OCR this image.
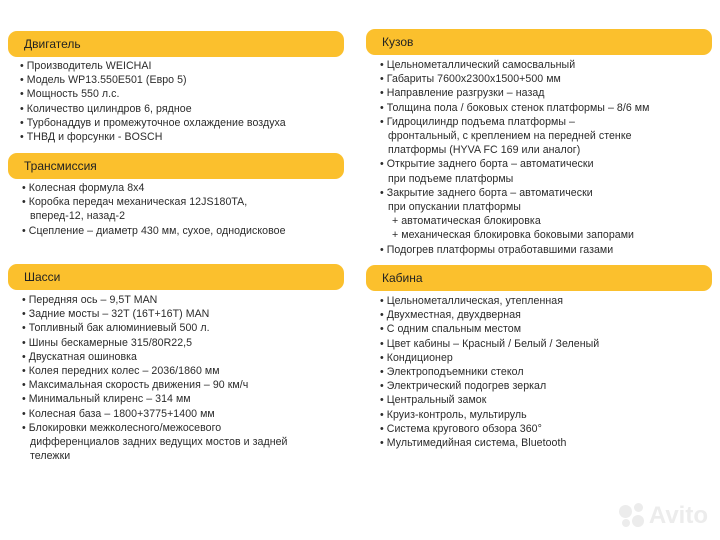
Двигатель
• Производитель WEICHAI
• Модель WP13.550E501 (Евро 5)
• Мощность 550 л.с.
• Количество цилиндров 6, рядное
• Турбонаддув и промежуточное охлаждение воздуха
• ТНВД и форсунки - BOSCH
Трансмиссия
• Колесная формула 8х4
• Коробка передач механическая 12JS180TA,
вперед-12, назад-2
• Сцепление – диаметр 430 мм, сухое, однодисковое
Шасси
• Передняя ось – 9,5T MAN
• Задние мосты – 32T (16T+16T) MAN
• Топливный бак алюминиевый 500 л.
• Шины бескамерные 315/80R22,5
• Двускатная ошиновка
• Колея передних колес – 2036/1860 мм
• Максимальная скорость движения – 90 км/ч
• Минимальный клиренс – 314 мм
• Колесная база – 1800+3775+1400 мм
• Блокировки межколесного/межосевого
дифференциалов задних ведущих мостов и задней
тележки
Кузов
• Цельнометаллический самосвальный
• Габариты 7600х2300х1500+500 мм
• Направление разгрузки – назад
• Толщина пола / боковых стенок платформы – 8/6 мм
• Гидроцилиндр подъема платформы –
фронтальный, с креплением на передней стенке
платформы (HYVA FC 169 или аналог)
• Открытие заднего борта – автоматически
при подъеме платформы
• Закрытие заднего борта – автоматически
при опускании платформы
+ автоматическая блокировка
+ механическая блокировка боковыми запорами
• Подогрев платформы отработавшими газами
Кабина
• Цельнометаллическая, утепленная
• Двухместная, двухдверная
• С одним спальным местом
• Цвет кабины – Красный / Белый / Зеленый
• Кондиционер
• Электроподъемники стекол
• Электрический подогрев зеркал
• Центральный замок
• Круиз-контроль, мультируль
• Система кругового обзора 360°
• Мультимедийная система, Bluetooth
Avito
